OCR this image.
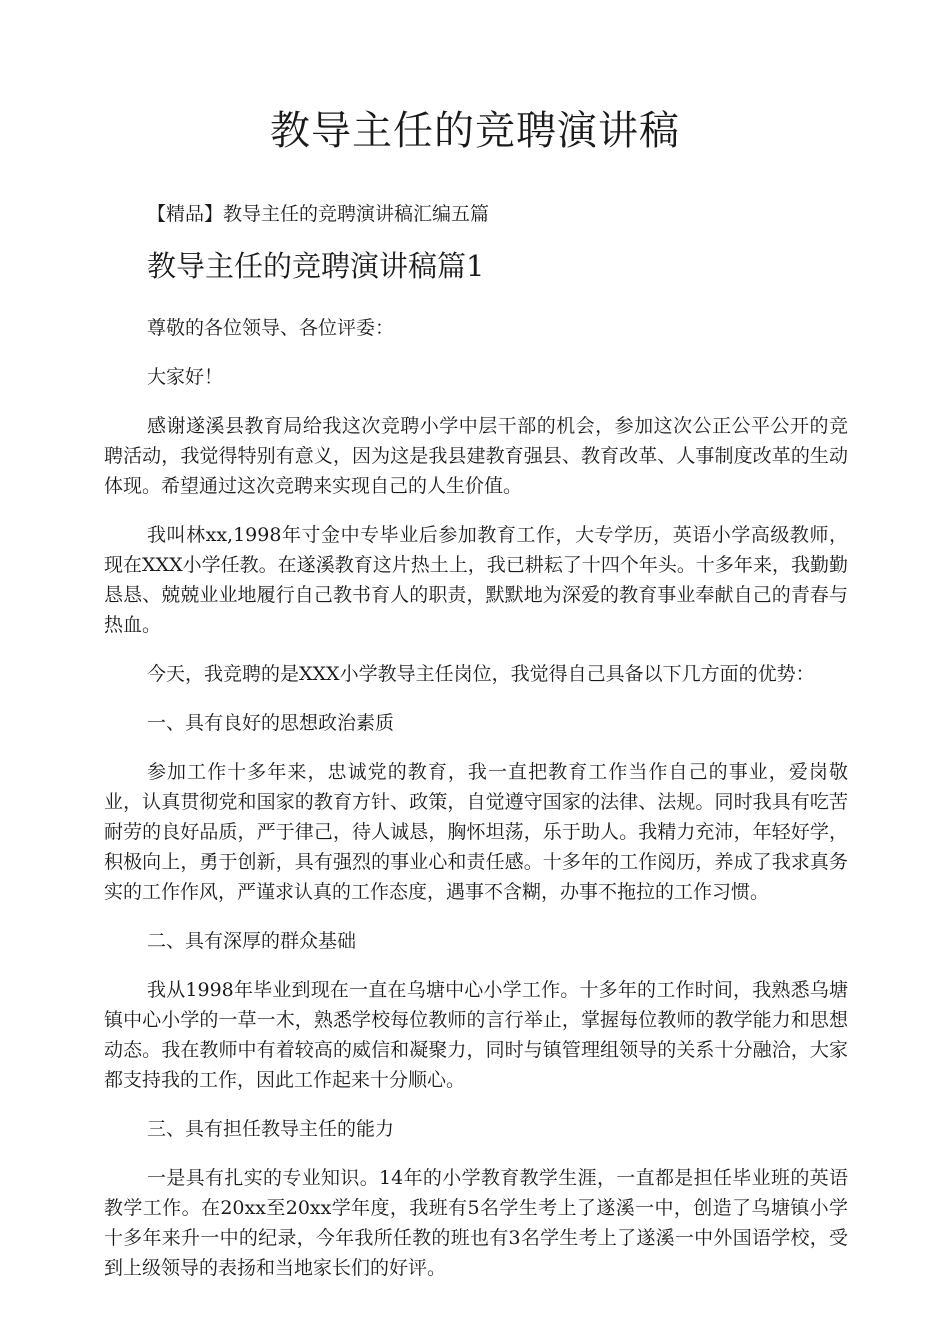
教导主任的竞聘演讲稿
【精品】教导主任的竞聘演讲稿汇编五篇
教导主任的竞聘演讲稿篇1

尊敬的各位领导、各位评委：

大家好！

感谢遂溪县教育局给我这次竞聘小学中层干部的机会，参加这次公正公平公开的竞聘活动，我觉得特别有意义，因为这是我县建教育强县、教育改革、人事制度改革的生动体现。希望通过这次竞聘来实现自己的人生价值。

我叫林xx,1998年寸金中专毕业后参加教育工作，大专学历，英语小学高级教师，现在XXX小学任教。在遂溪教育这片热土上，我已耕耘了十四个年头。十多年来，我勤勤恳恳、兢兢业业地履行自己教书育人的职责，默默地为深爱的教育事业奉献自己的青春与热血。

今天，我竞聘的是XXX小学教导主任岗位，我觉得自己具备以下几方面的优势：

一、具有良好的思想政治素质

参加工作十多年来，忠诚党的教育，我一直把教育工作当作自己的事业，爱岗敬业，认真贯彻党和国家的教育方针、政策，自觉遵守国家的法律、法规。同时我具有吃苦耐劳的良好品质，严于律己，待人诚恳，胸怀坦荡，乐于助人。我精力充沛，年轻好学，积极向上，勇于创新，具有强烈的事业心和责任感。十多年的工作阅历，养成了我求真务实的工作作风，严谨求认真的工作态度，遇事不含糊，办事不拖拉的工作习惯。

二、具有深厚的群众基础

我从1998年毕业到现在一直在乌塘中心小学工作。十多年的工作时间，我熟悉乌塘镇中心小学的一草一木，熟悉学校每位教师的言行举止，掌握每位教师的教学能力和思想动态。我在教师中有着较高的威信和凝聚力，同时与镇管理组领导的关系十分融洽，大家都支持我的工作，因此工作起来十分顺心。

三、具有担任教导主任的能力

一是具有扎实的专业知识。14年的小学教育教学生涯，一直都是担任毕业班的英语教学工作。在20xx至20xx学年度，我班有5名学生考上了遂溪一中，创造了乌塘镇小学十多年来升一中的纪录，今年我所任教的班也有3名学生考上了遂溪一中外国语学校，受到上级领导的表扬和当地家长们的好评。
